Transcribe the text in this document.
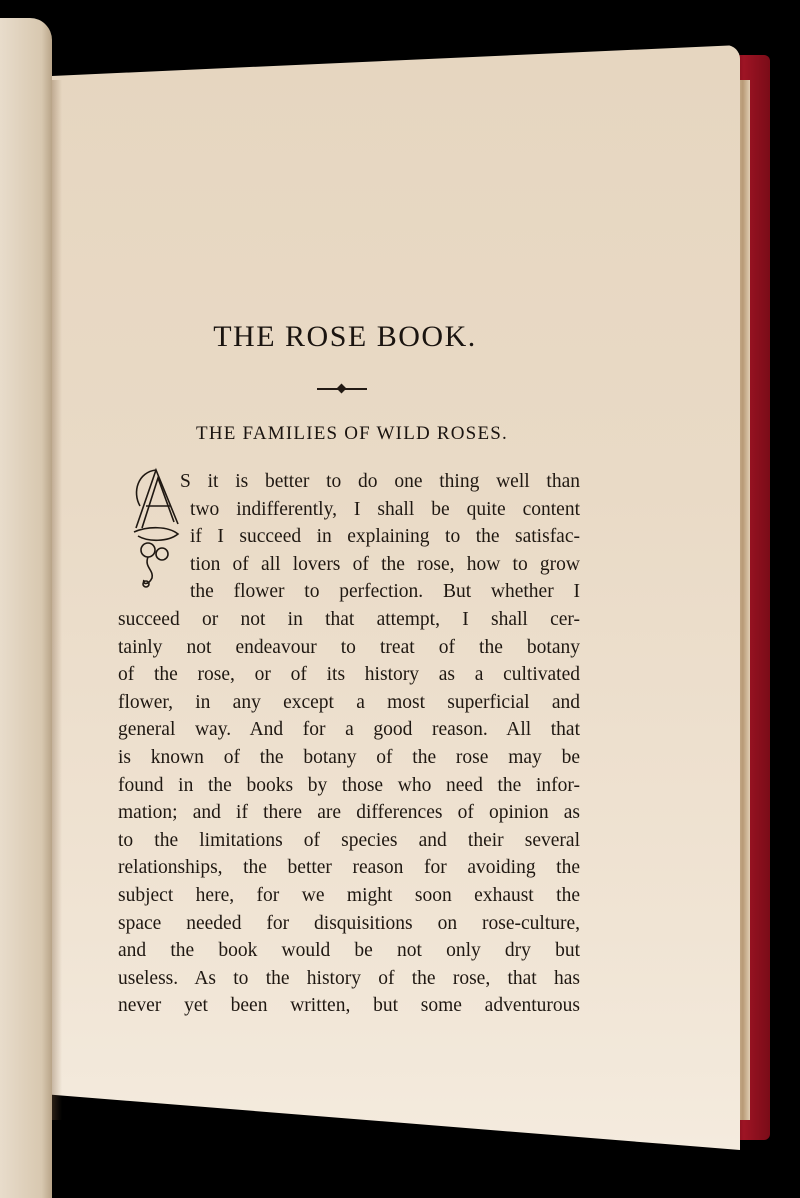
THE ROSE BOOK.
THE FAMILIES OF WILD ROSES.
S it is better to do one thing well than
two indifferently, I shall be quite content
if I succeed in explaining to the satisfac-
tion of all lovers of the rose, how to grow
the flower to perfection. But whether I
succeed or not in that attempt, I shall cer-
tainly not endeavour to treat of the botany
of the rose, or of its history as a cultivated
flower, in any except a most superficial and
general way. And for a good reason. All that
is known of the botany of the rose may be
found in the books by those who need the infor-
mation; and if there are differences of opinion as
to the limitations of species and their several
relationships, the better reason for avoiding the
subject here, for we might soon exhaust the
space needed for disquisitions on rose-culture,
and the book would be not only dry but
useless. As to the history of the rose, that has
never yet been written, but some adventurous
